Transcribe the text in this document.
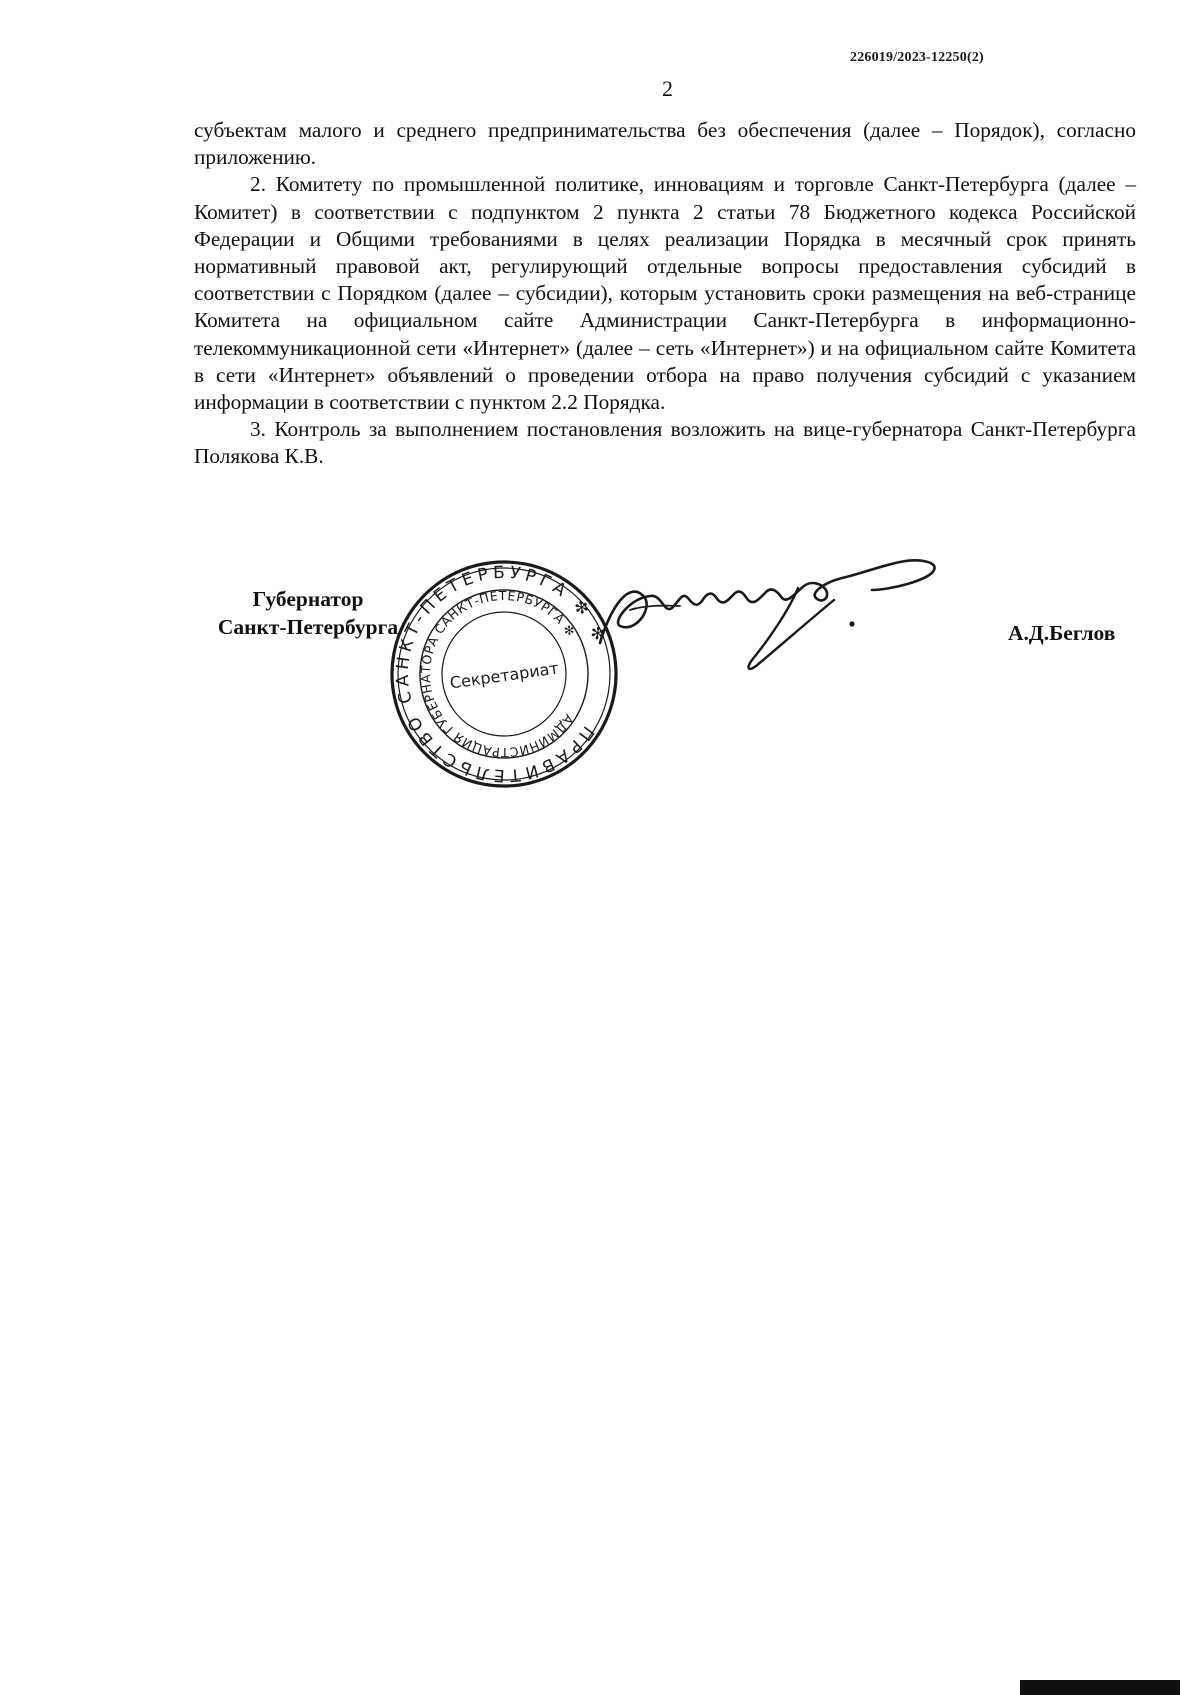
226019/2023-12250(2)
2

субъектам малого и среднего предпринимательства без обеспечения (далее – Порядок), согласно приложению.

2. Комитету по промышленной политике, инновациям и торговле Санкт-Петербурга (далее – Комитет) в соответствии с подпунктом 2 пункта 2 статьи 78 Бюджетного кодекса Российской Федерации и Общими требованиями в целях реализации Порядка в месячный срок принять нормативный правовой акт, регулирующий отдельные вопросы предоставления субсидий в соответствии с Порядком (далее – субсидии), которым установить сроки размещения на веб-странице Комитета на официальном сайте Администрации Санкт-Петербурга в информационно-телекоммуникационной сети «Интернет» (далее – сеть «Интернет») и на официальном сайте Комитета в сети «Интернет» объявлений о проведении отбора на право получения субсидий с указанием информации в соответствии с пунктом 2.2 Порядка.

3. Контроль за выполнением постановления возложить на вице-губернатора Санкт-Петербурга Полякова К.В.

Губернатор
Санкт-Петербурга
ПРАВИТЕЛЬСТВО САНКТ-ПЕТЕРБУРГА ✻ ✻
АДМИНИСТРАЦИЯ ГУБЕРНАТОРА САНКТ-ПЕТЕРБУРГА ✻
Секретариат
А.Д.Беглов
